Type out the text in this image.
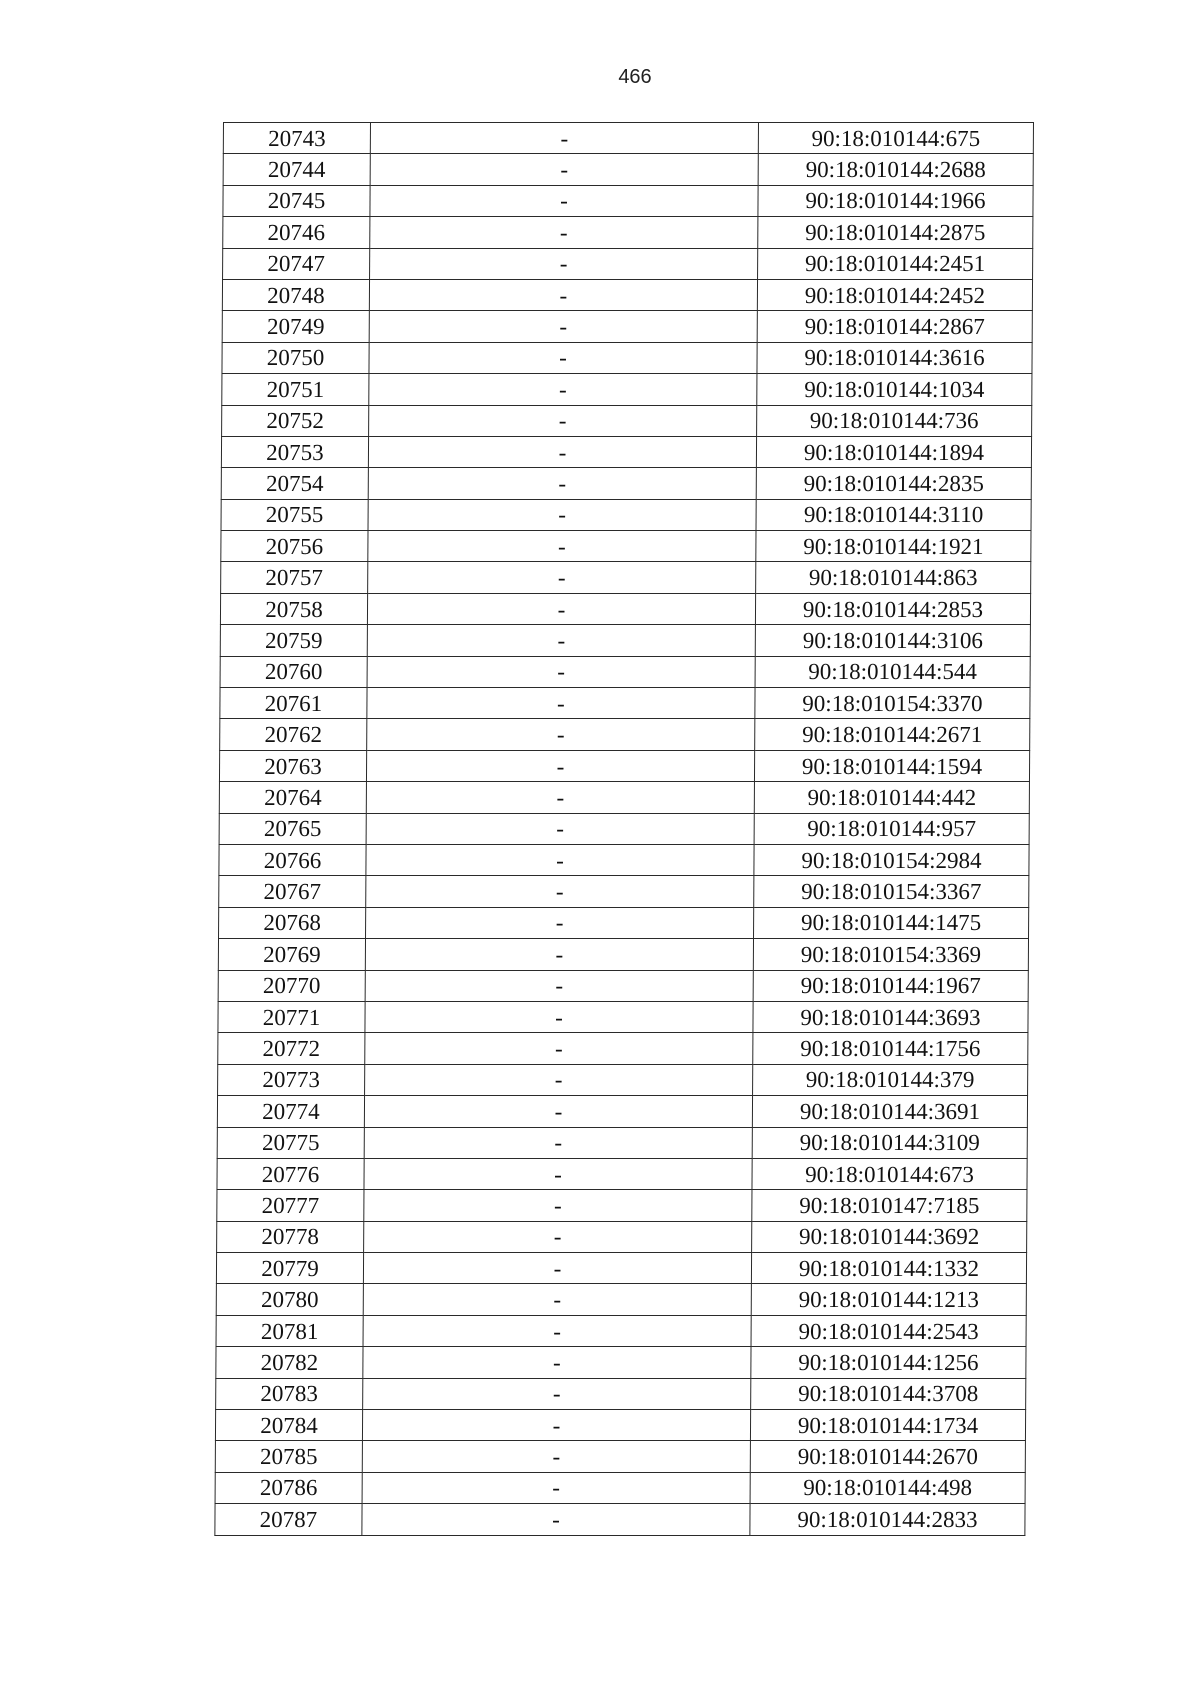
466
20743	-	90:18:010144:675
20744	-	90:18:010144:2688
20745	-	90:18:010144:1966
20746	-	90:18:010144:2875
20747	-	90:18:010144:2451
20748	-	90:18:010144:2452
20749	-	90:18:010144:2867
20750	-	90:18:010144:3616
20751	-	90:18:010144:1034
20752	-	90:18:010144:736
20753	-	90:18:010144:1894
20754	-	90:18:010144:2835
20755	-	90:18:010144:3110
20756	-	90:18:010144:1921
20757	-	90:18:010144:863
20758	-	90:18:010144:2853
20759	-	90:18:010144:3106
20760	-	90:18:010144:544
20761	-	90:18:010154:3370
20762	-	90:18:010144:2671
20763	-	90:18:010144:1594
20764	-	90:18:010144:442
20765	-	90:18:010144:957
20766	-	90:18:010154:2984
20767	-	90:18:010154:3367
20768	-	90:18:010144:1475
20769	-	90:18:010154:3369
20770	-	90:18:010144:1967
20771	-	90:18:010144:3693
20772	-	90:18:010144:1756
20773	-	90:18:010144:379
20774	-	90:18:010144:3691
20775	-	90:18:010144:3109
20776	-	90:18:010144:673
20777	-	90:18:010147:7185
20778	-	90:18:010144:3692
20779	-	90:18:010144:1332
20780	-	90:18:010144:1213
20781	-	90:18:010144:2543
20782	-	90:18:010144:1256
20783	-	90:18:010144:3708
20784	-	90:18:010144:1734
20785	-	90:18:010144:2670
20786	-	90:18:010144:498
20787	-	90:18:010144:2833
